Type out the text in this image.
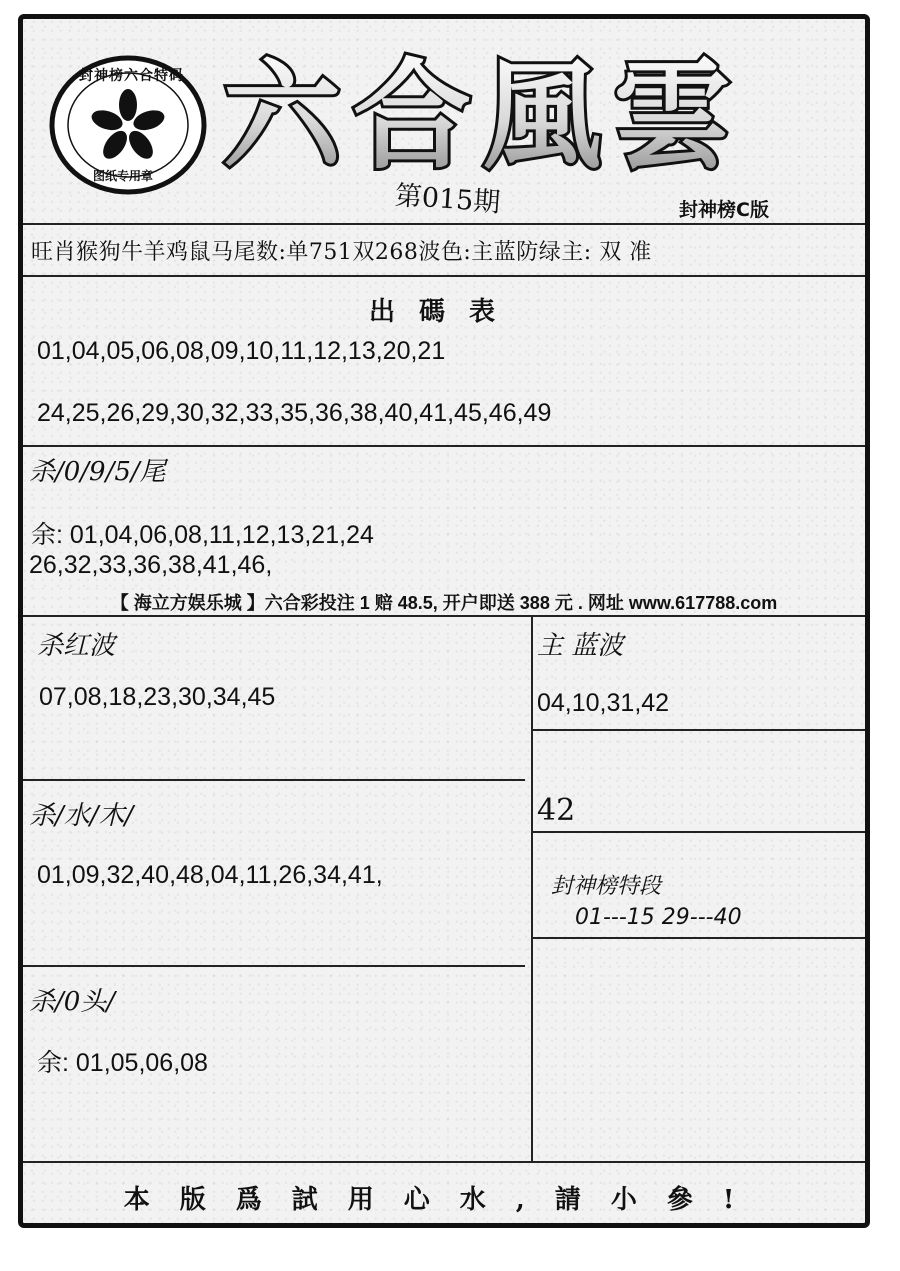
封神榜六合特码
图纸专用章 六合風雲
第015期	封神榜C版
旺肖猴狗牛羊鸡鼠马尾数:单751双268波色:主蓝防绿主: 双 准
出碼表
01,04,05,06,08,09,10,11,12,13,20,21
24,25,26,29,30,32,33,35,36,38,40,41,45,46,49
杀/0/9/5/尾
余: 01,04,06,08,11,12,13,21,24
26,32,33,36,38,41,46,
【 海立方娱乐城 】六合彩投注 1 赔 48.5, 开户即送 388 元 . 网址 www.617788.com
杀红波
07,08,18,23,30,34,45
主 蓝波
04,10,31,42
42
杀/水/木/
01,09,32,40,48,04,11,26,34,41,	封神榜特段
01---15 29---40
杀/0头/
余: 01,05,06,08
本版爲試用心水,請小參!
